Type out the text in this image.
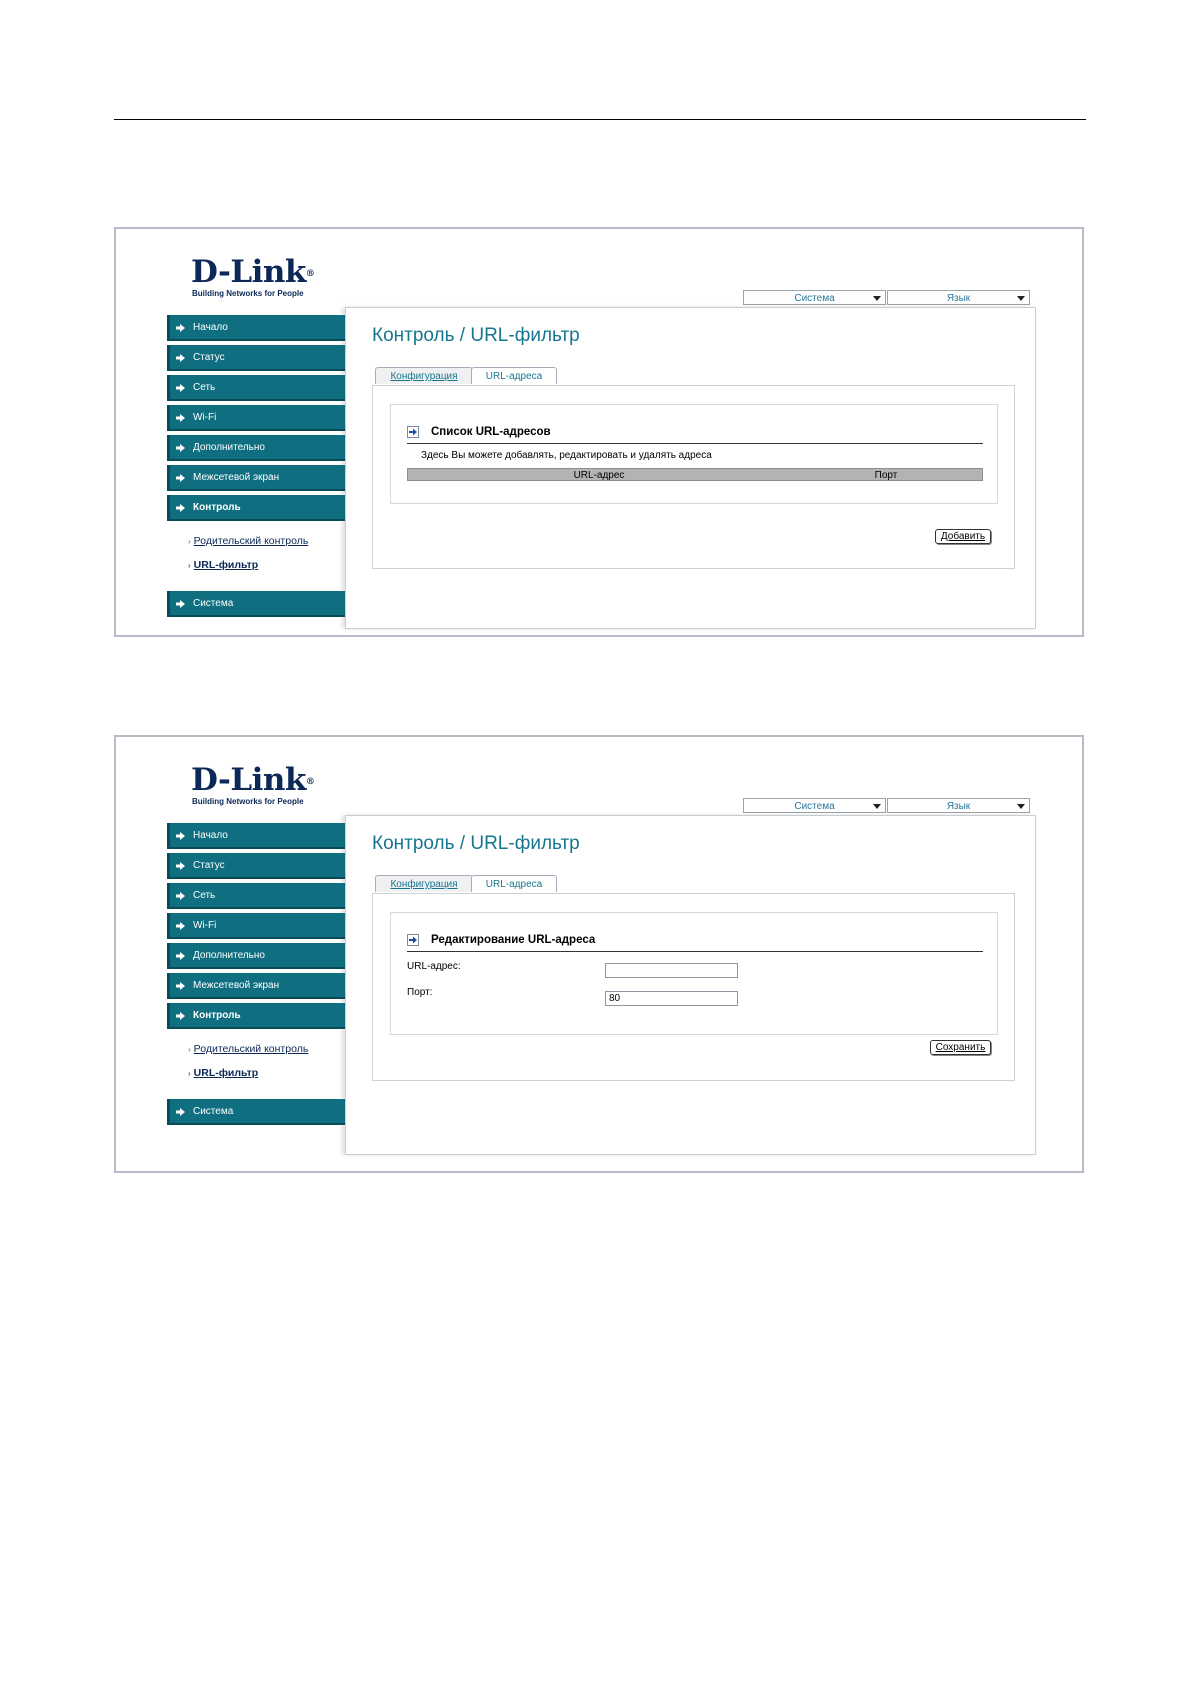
D-Link®
Building Networks for People	Система	Язык
Начало
Статус
Сеть
Wi-Fi
Дополнительно
Межсетевой экран
Контроль
› Родительский контроль
› URL-фильтр
Система
Контроль / URL-фильтр
Конфигурация	URL-адреса
Список URL-адресов
Здесь Вы можете добавлять, редактировать и удалять адреса
URL-адрес	Порт
Добавить
D-Link®
Building Networks for People	Система	Язык
Начало
Статус
Сеть
Wi-Fi
Дополнительно
Межсетевой экран
Контроль
› Родительский контроль
› URL-фильтр
Система
Контроль / URL-фильтр
Конфигурация	URL-адреса
Редактирование URL-адреса
URL-адрес:
Порт:
80
Сохранить
